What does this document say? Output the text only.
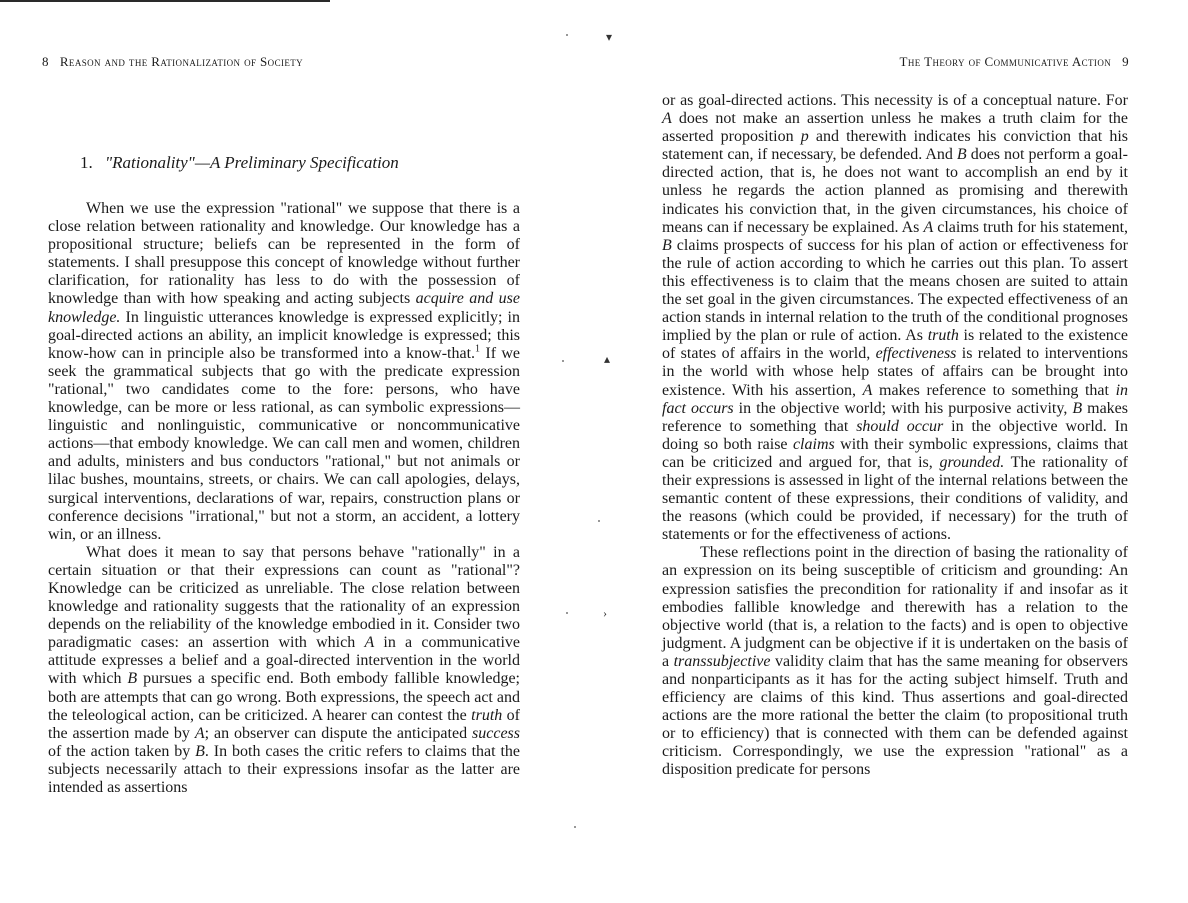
8 Reason and the Rationalization of Society
1. "Rationality"—A Preliminary Specification

When we use the expression "rational" we suppose that there is a close relation between rationality and knowledge. Our knowledge has a propositional structure; beliefs can be represented in the form of statements. I shall presuppose this concept of knowledge without further clarification, for rationality has less to do with the possession of knowledge than with how speaking and acting subjects acquire and use knowledge. In linguistic utterances knowledge is expressed explicitly; in goal-directed actions an ability, an implicit knowledge is expressed; this know-how can in principle also be transformed into a know-that.$^1$ If we seek the grammatical subjects that go with the predicate expression "rational," two candidates come to the fore: persons, who have knowledge, can be more or less rational, as can symbolic expressions—linguistic and nonlinguistic, communicative or noncommunicative actions—that embody knowledge. We can call men and women, children and adults, ministers and bus conductors "rational," but not animals or lilac bushes, mountains, streets, or chairs. We can call apologies, delays, surgical interventions, declarations of war, repairs, construction plans or conference decisions "irrational," but not a storm, an accident, a lottery win, or an illness.

What does it mean to say that persons behave "rationally" in a certain situation or that their expressions can count as "rational"? Knowledge can be criticized as unreliable. The close relation between knowledge and rationality suggests that the rationality of an expression depends on the reliability of the knowledge embodied in it. Consider two paradigmatic cases: an assertion with which A in a communicative attitude expresses a belief and a goal-directed intervention in the world with which B pursues a specific end. Both embody fallible knowledge; both are attempts that can go wrong. Both expressions, the speech act and the teleological action, can be criticized. A hearer can contest the truth of the assertion made by A; an observer can dispute the anticipated success of the action taken by B. In both cases the critic refers to claims that the subjects necessarily attach to their expressions insofar as the latter are intended as assertions

The Theory of Communicative Action 9

or as goal-directed actions. This necessity is of a conceptual nature. For A does not make an assertion unless he makes a truth claim for the asserted proposition p and therewith indicates his conviction that his statement can, if necessary, be defended. And B does not perform a goal-directed action, that is, he does not want to accomplish an end by it unless he regards the action planned as promising and therewith indicates his conviction that, in the given circumstances, his choice of means can if necessary be explained. As A claims truth for his statement, B claims prospects of success for his plan of action or effectiveness for the rule of action according to which he carries out this plan. To assert this effectiveness is to claim that the means chosen are suited to attain the set goal in the given circumstances. The expected effectiveness of an action stands in internal relation to the truth of the conditional prognoses implied by the plan or rule of action. As truth is related to the existence of states of affairs in the world, effectiveness is related to interventions in the world with whose help states of affairs can be brought into existence. With his assertion, A makes reference to something that in fact occurs in the objective world; with his purposive activity, B makes reference to something that should occur in the objective world. In doing so both raise claims with their symbolic expressions, claims that can be criticized and argued for, that is, grounded. The rationality of their expressions is assessed in light of the internal relations between the semantic content of these expressions, their conditions of validity, and the reasons (which could be provided, if necessary) for the truth of statements or for the effectiveness of actions.

These reflections point in the direction of basing the rationality of an expression on its being susceptible of criticism and grounding: An expression satisfies the precondition for rationality if and insofar as it embodies fallible knowledge and therewith has a relation to the objective world (that is, a relation to the facts) and is open to objective judgment. A judgment can be objective if it is undertaken on the basis of a transsubjective validity claim that has the same meaning for observers and nonparticipants as it has for the acting subject himself. Truth and efficiency are claims of this kind. Thus assertions and goal-directed actions are the more rational the better the claim (to propositional truth or to efficiency) that is connected with them can be defended against criticism. Correspondingly, we use the expression "rational" as a disposition predicate for persons

▾
▴
›
